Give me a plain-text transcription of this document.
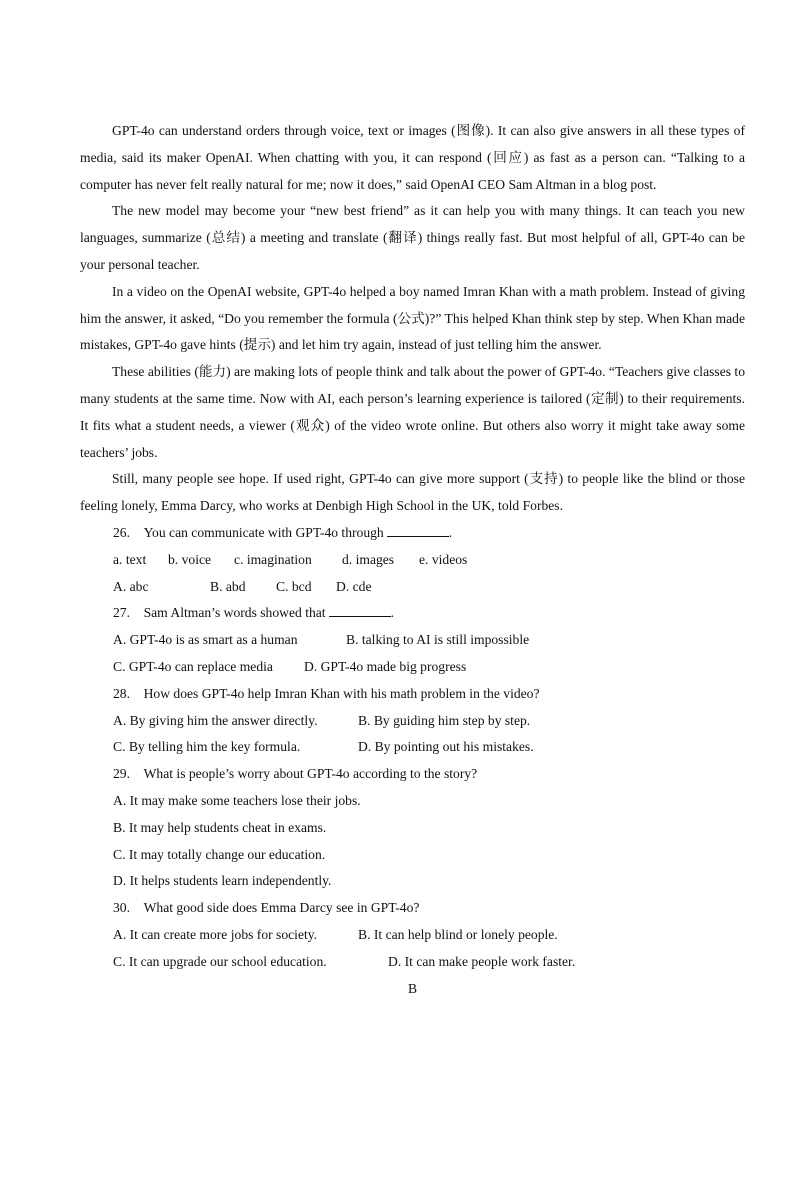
GPT-4o can understand orders through voice, text or images (图像). It can also give answers in all these types of media, said its maker OpenAI. When chatting with you, it can respond (回应) as fast as a person can. “Talking to a computer has never felt really natural for me; now it does,” said OpenAI CEO Sam Altman in a blog post.

The new model may become your “new best friend” as it can help you with many things. It can teach you new languages, summarize (总结) a meeting and translate (翻译) things really fast. But most helpful of all, GPT-4o can be your personal teacher.

In a video on the OpenAI website, GPT-4o helped a boy named Imran Khan with a math problem. Instead of giving him the answer, it asked, “Do you remember the formula (公式)?” This helped Khan think step by step. When Khan made mistakes, GPT-4o gave hints (提示) and let him try again, instead of just telling him the answer.

These abilities (能力) are making lots of people think and talk about the power of GPT-4o. “Teachers give classes to many students at the same time. Now with AI, each person’s learning experience is tailored (定制) to their requirements. It fits what a student needs, a viewer (观众) of the video wrote online. But others also worry it might take away some teachers’ jobs.

Still, many people see hope. If used right, GPT-4o can give more support (支持) to people like the blind or those feeling lonely, Emma Darcy, who works at Denbigh High School in the UK, told Forbes.

26.　You can communicate with GPT-4o through	.

a. text b. voice c. imagination d. images e. videos
A. abc	B. abd C. bcd D. cde

27.　Sam Altman’s words showed that	.

A. GPT-4o is as smart as a human	B. talking to AI is still impossible
C. GPT-4o can replace media D. GPT-4o made big progress

28.　How does GPT-4o help Imran Khan with his math problem in the video?

A. By giving him the answer directly.	B. By guiding him step by step.
C. By telling him the key formula.	D. By pointing out his mistakes.

29.　What is people’s worry about GPT-4o according to the story?

A. It may make some teachers lose their jobs.
B. It may help students cheat in exams.
C. It may totally change our education.
D. It helps students learn independently.

30.　What good side does Emma Darcy see in GPT-4o?

A. It can create more jobs for society.	B. It can help blind or lonely people.
C. It can upgrade our school education.	D. It can make people work faster.
B
